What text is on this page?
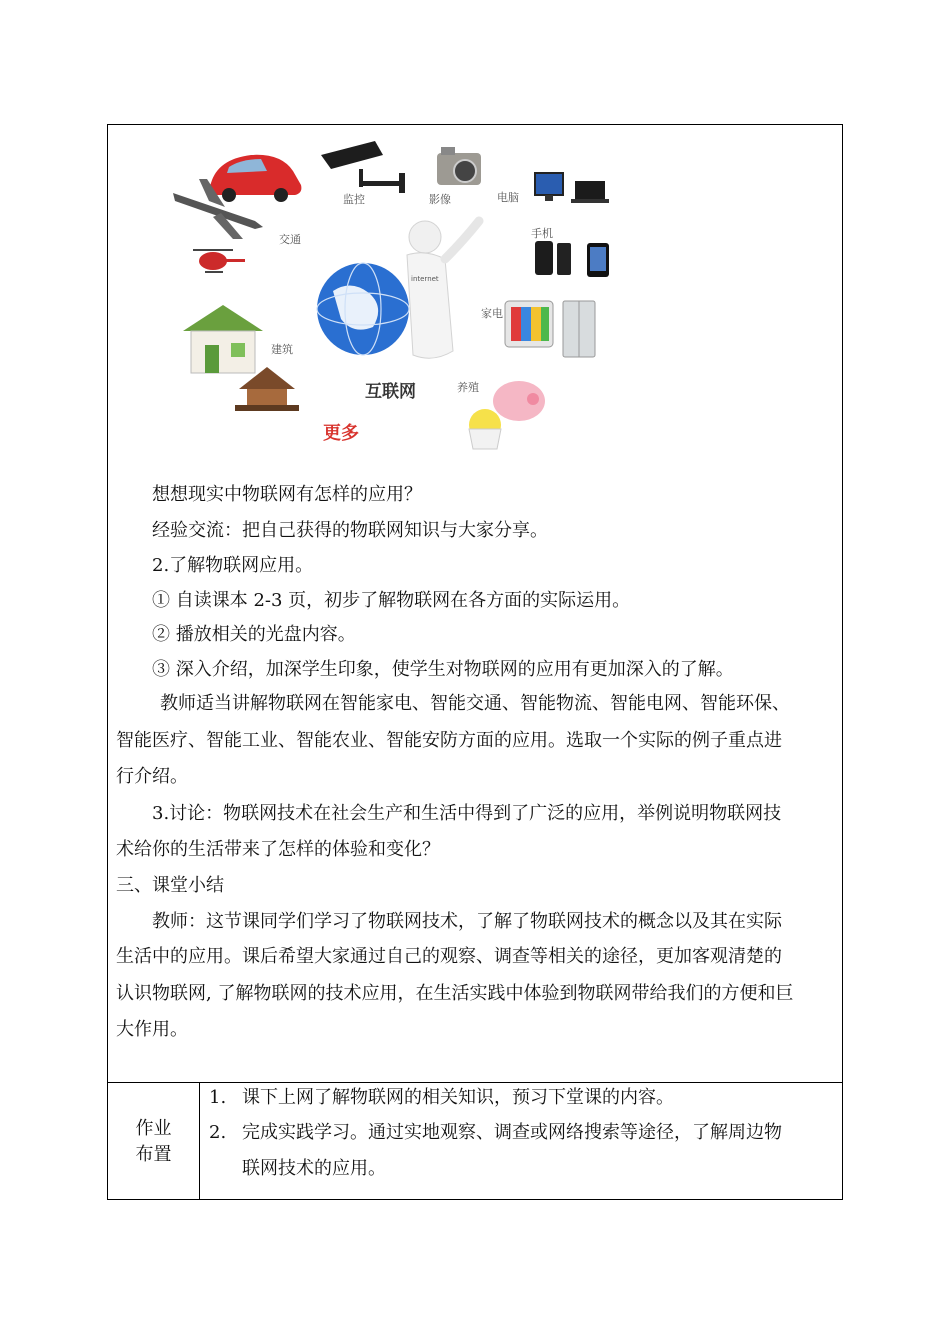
监控	影像	电脑
交通	手机
家电
建筑
养殖
internet
互联网
更多
想想现实中物联网有怎样的应用？
经验交流：把自己获得的物联网知识与大家分享。
2.了解物联网应用。
① 自读课本 2-3 页，初步了解物联网在各方面的实际运用。
② 播放相关的光盘内容。
③ 深入介绍，加深学生印象，使学生对物联网的应用有更加深入的了解。
教师适当讲解物联网在智能家电、智能交通、智能物流、智能电网、智能环保、
智能医疗、智能工业、智能农业、智能安防方面的应用。选取一个实际的例子重点进
行介绍。
3.讨论：物联网技术在社会生产和生活中得到了广泛的应用，举例说明物联网技
术给你的生活带来了怎样的体验和变化？
三、课堂小结
教师：这节课同学们学习了物联网技术，了解了物联网技术的概念以及其在实际
生活中的应用。课后希望大家通过自己的观察、调查等相关的途径，更加客观清楚的
认识物联网, 了解物联网的技术应用，在生活实践中体验到物联网带给我们的方便和巨
大作用。
作业
布置
1. 课下上网了解物联网的相关知识，预习下堂课的内容。
2. 完成实践学习。通过实地观察、调查或网络搜索等途径，了解周边物
联网技术的应用。
